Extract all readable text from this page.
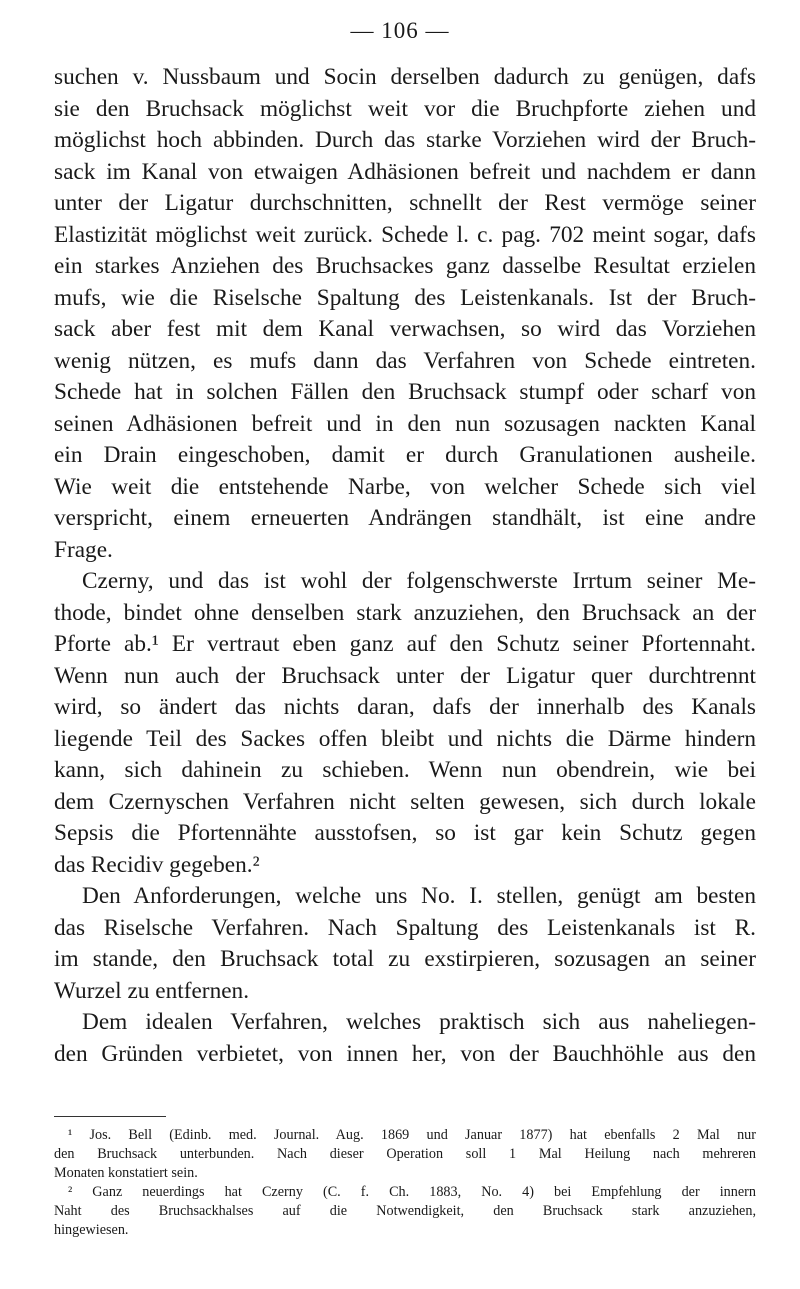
— 106 —
suchen v. Nussbaum und Socin derselben dadurch zu genügen, dafs
sie den Bruchsack möglichst weit vor die Bruchpforte ziehen und
möglichst hoch abbinden. Durch das starke Vorziehen wird der Bruch-
sack im Kanal von etwaigen Adhäsionen befreit und nachdem er dann
unter der Ligatur durchschnitten, schnellt der Rest vermöge seiner
Elastizität möglichst weit zurück. Schede l. c. pag. 702 meint sogar, dafs
ein starkes Anziehen des Bruchsackes ganz dasselbe Resultat erzielen
mufs, wie die Riselsche Spaltung des Leistenkanals. Ist der Bruch-
sack aber fest mit dem Kanal verwachsen, so wird das Vorziehen
wenig nützen, es mufs dann das Verfahren von Schede eintreten.
Schede hat in solchen Fällen den Bruchsack stumpf oder scharf von
seinen Adhäsionen befreit und in den nun sozusagen nackten Kanal
ein Drain eingeschoben, damit er durch Granulationen ausheile.
Wie weit die entstehende Narbe, von welcher Schede sich viel
verspricht, einem erneuerten Andrängen standhält, ist eine andre
Frage.
Czerny, und das ist wohl der folgenschwerste Irrtum seiner Me-
thode, bindet ohne denselben stark anzuziehen, den Bruchsack an der
Pforte ab.¹ Er vertraut eben ganz auf den Schutz seiner Pfortennaht.
Wenn nun auch der Bruchsack unter der Ligatur quer durchtrennt
wird, so ändert das nichts daran, dafs der innerhalb des Kanals
liegende Teil des Sackes offen bleibt und nichts die Därme hindern
kann, sich dahinein zu schieben. Wenn nun obendrein, wie bei
dem Czernyschen Verfahren nicht selten gewesen, sich durch lokale
Sepsis die Pfortennähte ausstofsen, so ist gar kein Schutz gegen
das Recidiv gegeben.²
Den Anforderungen, welche uns No. I. stellen, genügt am besten
das Riselsche Verfahren. Nach Spaltung des Leistenkanals ist R.
im stande, den Bruchsack total zu exstirpieren, sozusagen an seiner
Wurzel zu entfernen.
Dem idealen Verfahren, welches praktisch sich aus naheliegen-
den Gründen verbietet, von innen her, von der Bauchhöhle aus den
¹ Jos. Bell (Edinb. med. Journal. Aug. 1869 und Januar 1877) hat ebenfalls 2 Mal nur
den Bruchsack unterbunden. Nach dieser Operation soll 1 Mal Heilung nach mehreren
Monaten konstatiert sein.
² Ganz neuerdings hat Czerny (C. f. Ch. 1883, No. 4) bei Empfehlung der innern
Naht des Bruchsackhalses auf die Notwendigkeit, den Bruchsack stark anzuziehen,
hingewiesen.
